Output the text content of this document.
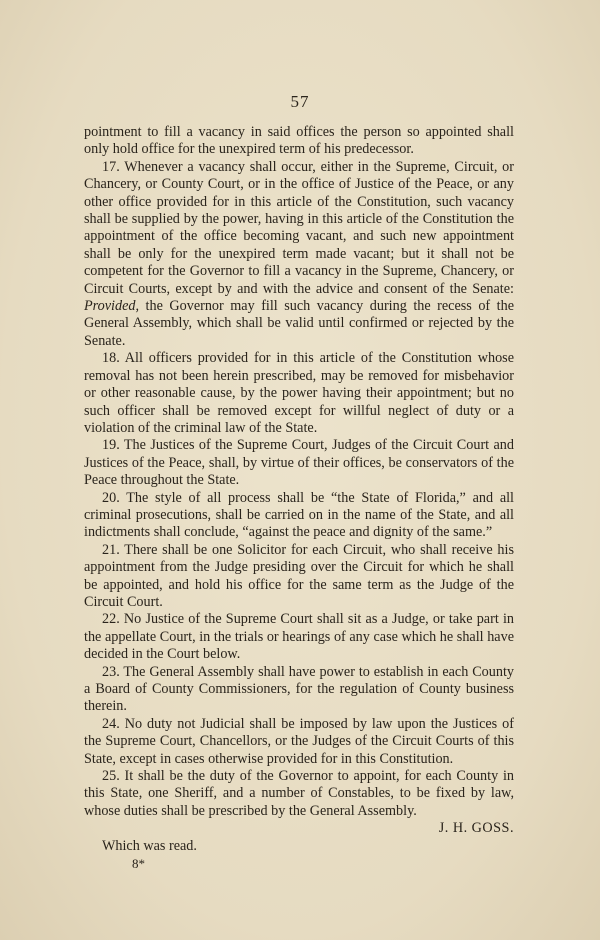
57

pointment to fill a vacancy in said offices the person so appointed shall only hold office for the unexpired term of his predecessor.

17. Whenever a vacancy shall occur, either in the Supreme, Circuit, or Chancery, or County Court, or in the office of Justice of the Peace, or any other office provided for in this article of the Constitution, such vacancy shall be supplied by the power, having in this article of the Constitution the appointment of the office becoming vacant, and such new appointment shall be only for the unexpired term made vacant; but it shall not be competent for the Governor to fill a vacancy in the Supreme, Chancery, or Circuit Courts, except by and with the advice and consent of the Senate: Provided, the Governor may fill such vacancy during the recess of the General Assembly, which shall be valid until confirmed or rejected by the Senate.

18. All officers provided for in this article of the Constitution whose removal has not been herein prescribed, may be removed for misbehavior or other reasonable cause, by the power having their appointment; but no such officer shall be removed except for willful neglect of duty or a violation of the criminal law of the State.

19. The Justices of the Supreme Court, Judges of the Circuit Court and Justices of the Peace, shall, by virtue of their offices, be conservators of the Peace throughout the State.

20. The style of all process shall be “the State of Florida,” and all criminal prosecutions, shall be carried on in the name of the State, and all indictments shall conclude, “against the peace and dignity of the same.”

21. There shall be one Solicitor for each Circuit, who shall receive his appointment from the Judge presiding over the Circuit for which he shall be appointed, and hold his office for the same term as the Judge of the Circuit Court.

22. No Justice of the Supreme Court shall sit as a Judge, or take part in the appellate Court, in the trials or hearings of any case which he shall have decided in the Court below.

23. The General Assembly shall have power to establish in each County a Board of County Commissioners, for the regulation of County business therein.

24. No duty not Judicial shall be imposed by law upon the Justices of the Supreme Court, Chancellors, or the Judges of the Circuit Courts of this State, except in cases otherwise provided for in this Constitution.

25. It shall be the duty of the Governor to appoint, for each County in this State, one Sheriff, and a number of Constables, to be fixed by law, whose duties shall be prescribed by the General Assembly.

J. H. GOSS.

Which was read.

8*
